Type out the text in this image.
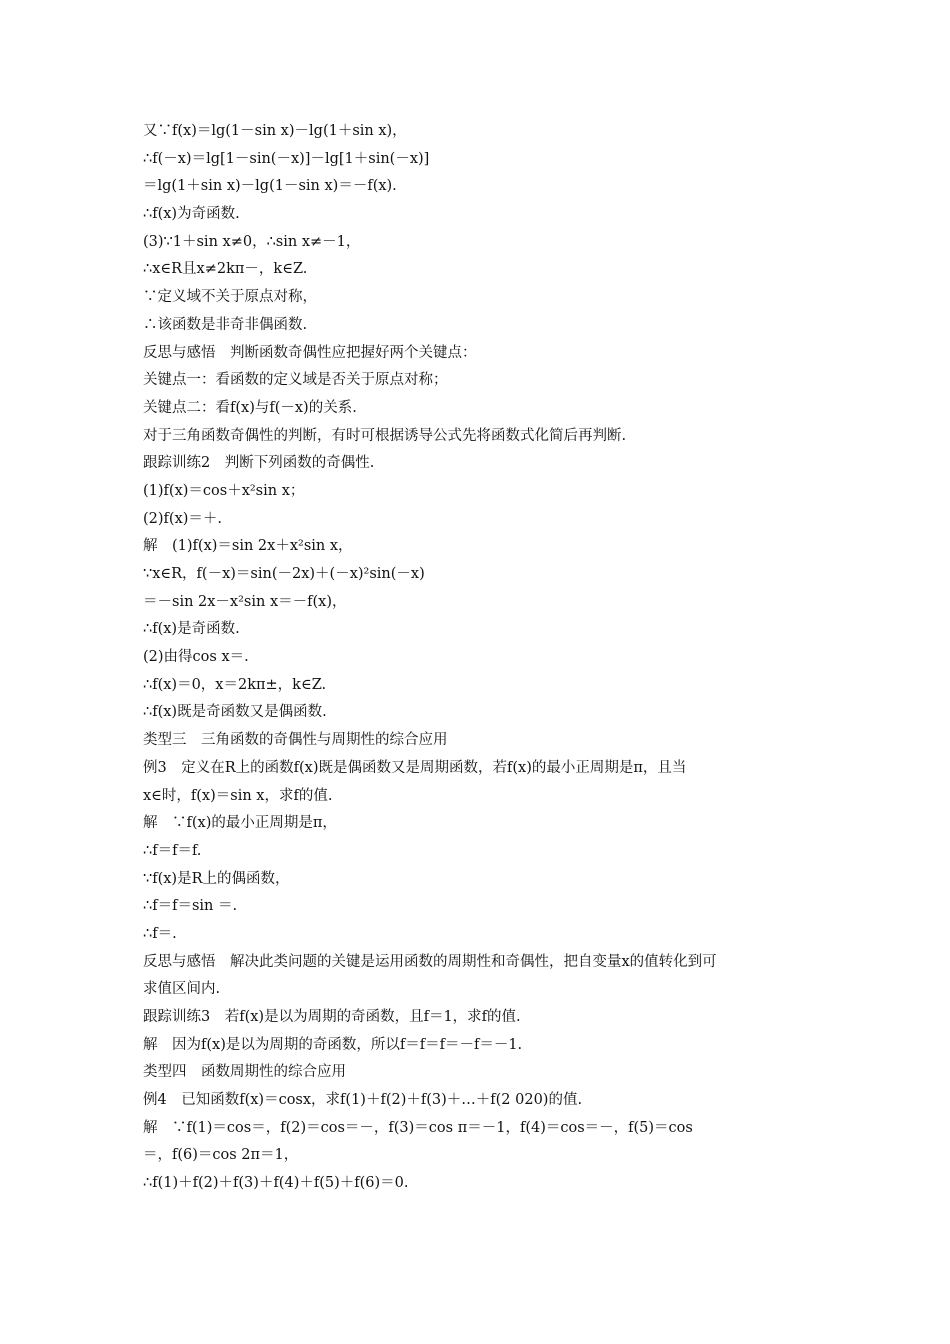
又∵f(x)＝lg(1－sin x)－lg(1＋sin x)，
∴f(－x)＝lg[1－sin(－x)]－lg[1＋sin(－x)]
＝lg(1＋sin x)－lg(1－sin x)＝－f(x).
∴f(x)为奇函数.
(3)∵1＋sin x≠0，∴sin x≠－1，
∴x∈R且x≠2kπ－，k∈Z.
∵定义域不关于原点对称，
∴该函数是非奇非偶函数.
反思与感悟　判断函数奇偶性应把握好两个关键点：
关键点一：看函数的定义域是否关于原点对称；
关键点二：看f(x)与f(－x)的关系.
对于三角函数奇偶性的判断，有时可根据诱导公式先将函数式化简后再判断.
跟踪训练2　判断下列函数的奇偶性.
(1)f(x)＝cos＋x²sin x；
(2)f(x)＝＋.
解　(1)f(x)＝sin 2x＋x²sin x，
∵x∈R，f(－x)＝sin(－2x)＋(－x)²sin(－x)
＝－sin 2x－x²sin x＝－f(x)，
∴f(x)是奇函数.
(2)由得cos x＝.
∴f(x)＝0，x＝2kπ±，k∈Z.
∴f(x)既是奇函数又是偶函数.
类型三　三角函数的奇偶性与周期性的综合应用
例3　定义在R上的函数f(x)既是偶函数又是周期函数，若f(x)的最小正周期是π，且当
x∈时，f(x)＝sin x，求f的值.
解　∵f(x)的最小正周期是π，
∴f＝f＝f.
∵f(x)是R上的偶函数，
∴f＝f＝sin ＝.
∴f＝.
反思与感悟　解决此类问题的关键是运用函数的周期性和奇偶性，把自变量x的值转化到可
求值区间内.
跟踪训练3　若f(x)是以为周期的奇函数，且f＝1，求f的值.
解　因为f(x)是以为周期的奇函数，所以f＝f＝f＝－f＝－1.
类型四　函数周期性的综合应用
例4　已知函数f(x)＝cosx，求f(1)＋f(2)＋f(3)＋…＋f(2 020)的值.
解　∵f(1)＝cos＝，f(2)＝cos＝－，f(3)＝cos π＝－1，f(4)＝cos＝－，f(5)＝cos
＝，f(6)＝cos 2π＝1，
∴f(1)＋f(2)＋f(3)＋f(4)＋f(5)＋f(6)＝0.
